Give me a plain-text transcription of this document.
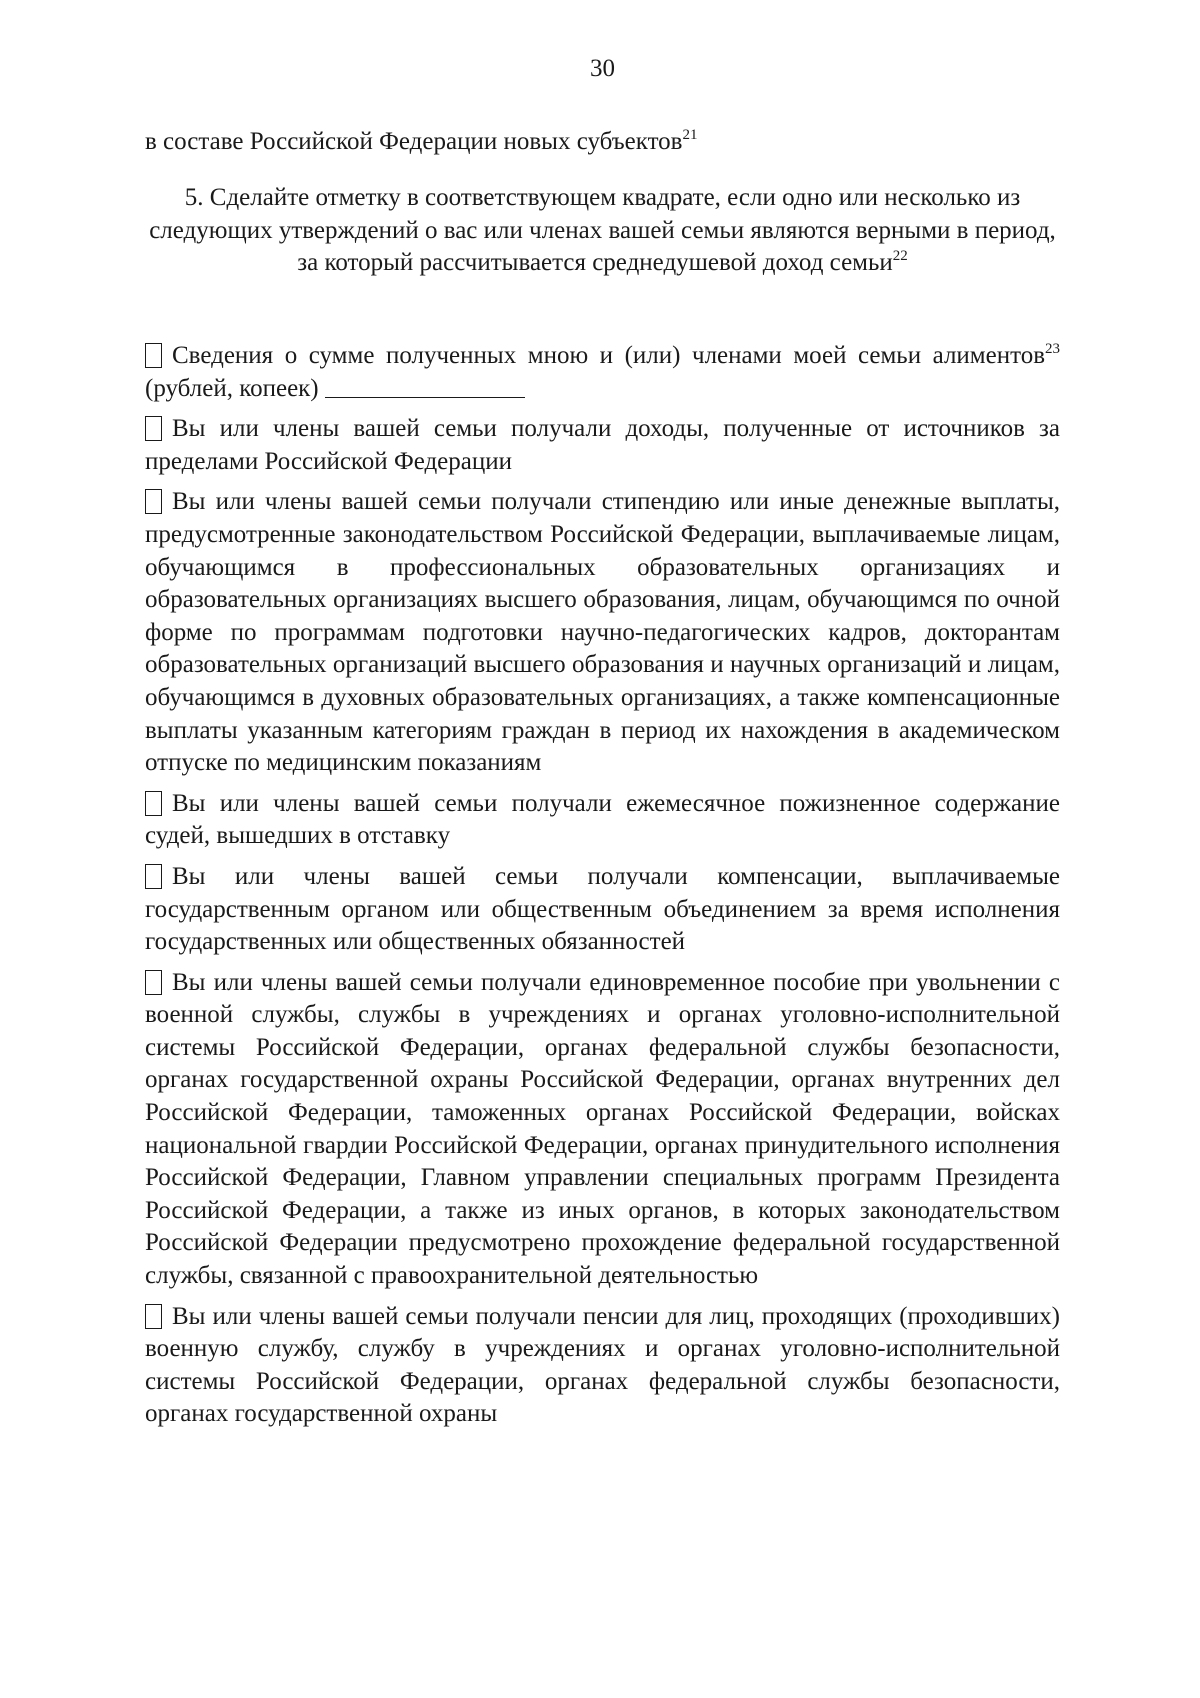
30
в составе Российской Федерации новых субъектов$^{21}$
5. Сделайте отметку в соответствующем квадрате, если одно или несколько из следующих утверждений о вас или членах вашей семьи являются верными в период, за который рассчитывается среднедушевой доход семьи$^{22}$

Сведения о сумме полученных мною и (или) членами моей семьи алиментов$^{23}$ (рублей, копеек)

Вы или члены вашей семьи получали доходы, полученные от источников за пределами Российской Федерации

Вы или члены вашей семьи получали стипендию или иные денежные выплаты, предусмотренные законодательством Российской Федерации, выплачиваемые лицам, обучающимся в профессиональных образовательных организациях и образовательных организациях высшего образования, лицам, обучающимся по очной форме по программам подготовки научно-педагогических кадров, докторантам образовательных организаций высшего образования и научных организаций и лицам, обучающимся в духовных образовательных организациях, а также компенсационные выплаты указанным категориям граждан в период их нахождения в академическом отпуске по медицинским показаниям

Вы или члены вашей семьи получали ежемесячное пожизненное содержание судей, вышедших в отставку

Вы или члены вашей семьи получали компенсации, выплачиваемые государственным органом или общественным объединением за время исполнения государственных или общественных обязанностей

Вы или члены вашей семьи получали единовременное пособие при увольнении с военной службы, службы в учреждениях и органах уголовно-исполнительной системы Российской Федерации, органах федеральной службы безопасности, органах государственной охраны Российской Федерации, органах внутренних дел Российской Федерации, таможенных органах Российской Федерации, войсках национальной гвардии Российской Федерации, органах принудительного исполнения Российской Федерации, Главном управлении специальных программ Президента Российской Федерации, а также из иных органов, в которых законодательством Российской Федерации предусмотрено прохождение федеральной государственной службы, связанной с правоохранительной деятельностью

Вы или члены вашей семьи получали пенсии для лиц, проходящих (проходивших) военную службу, службу в учреждениях и органах уголовно-исполнительной системы Российской Федерации, органах федеральной службы безопасности, органах государственной охраны
